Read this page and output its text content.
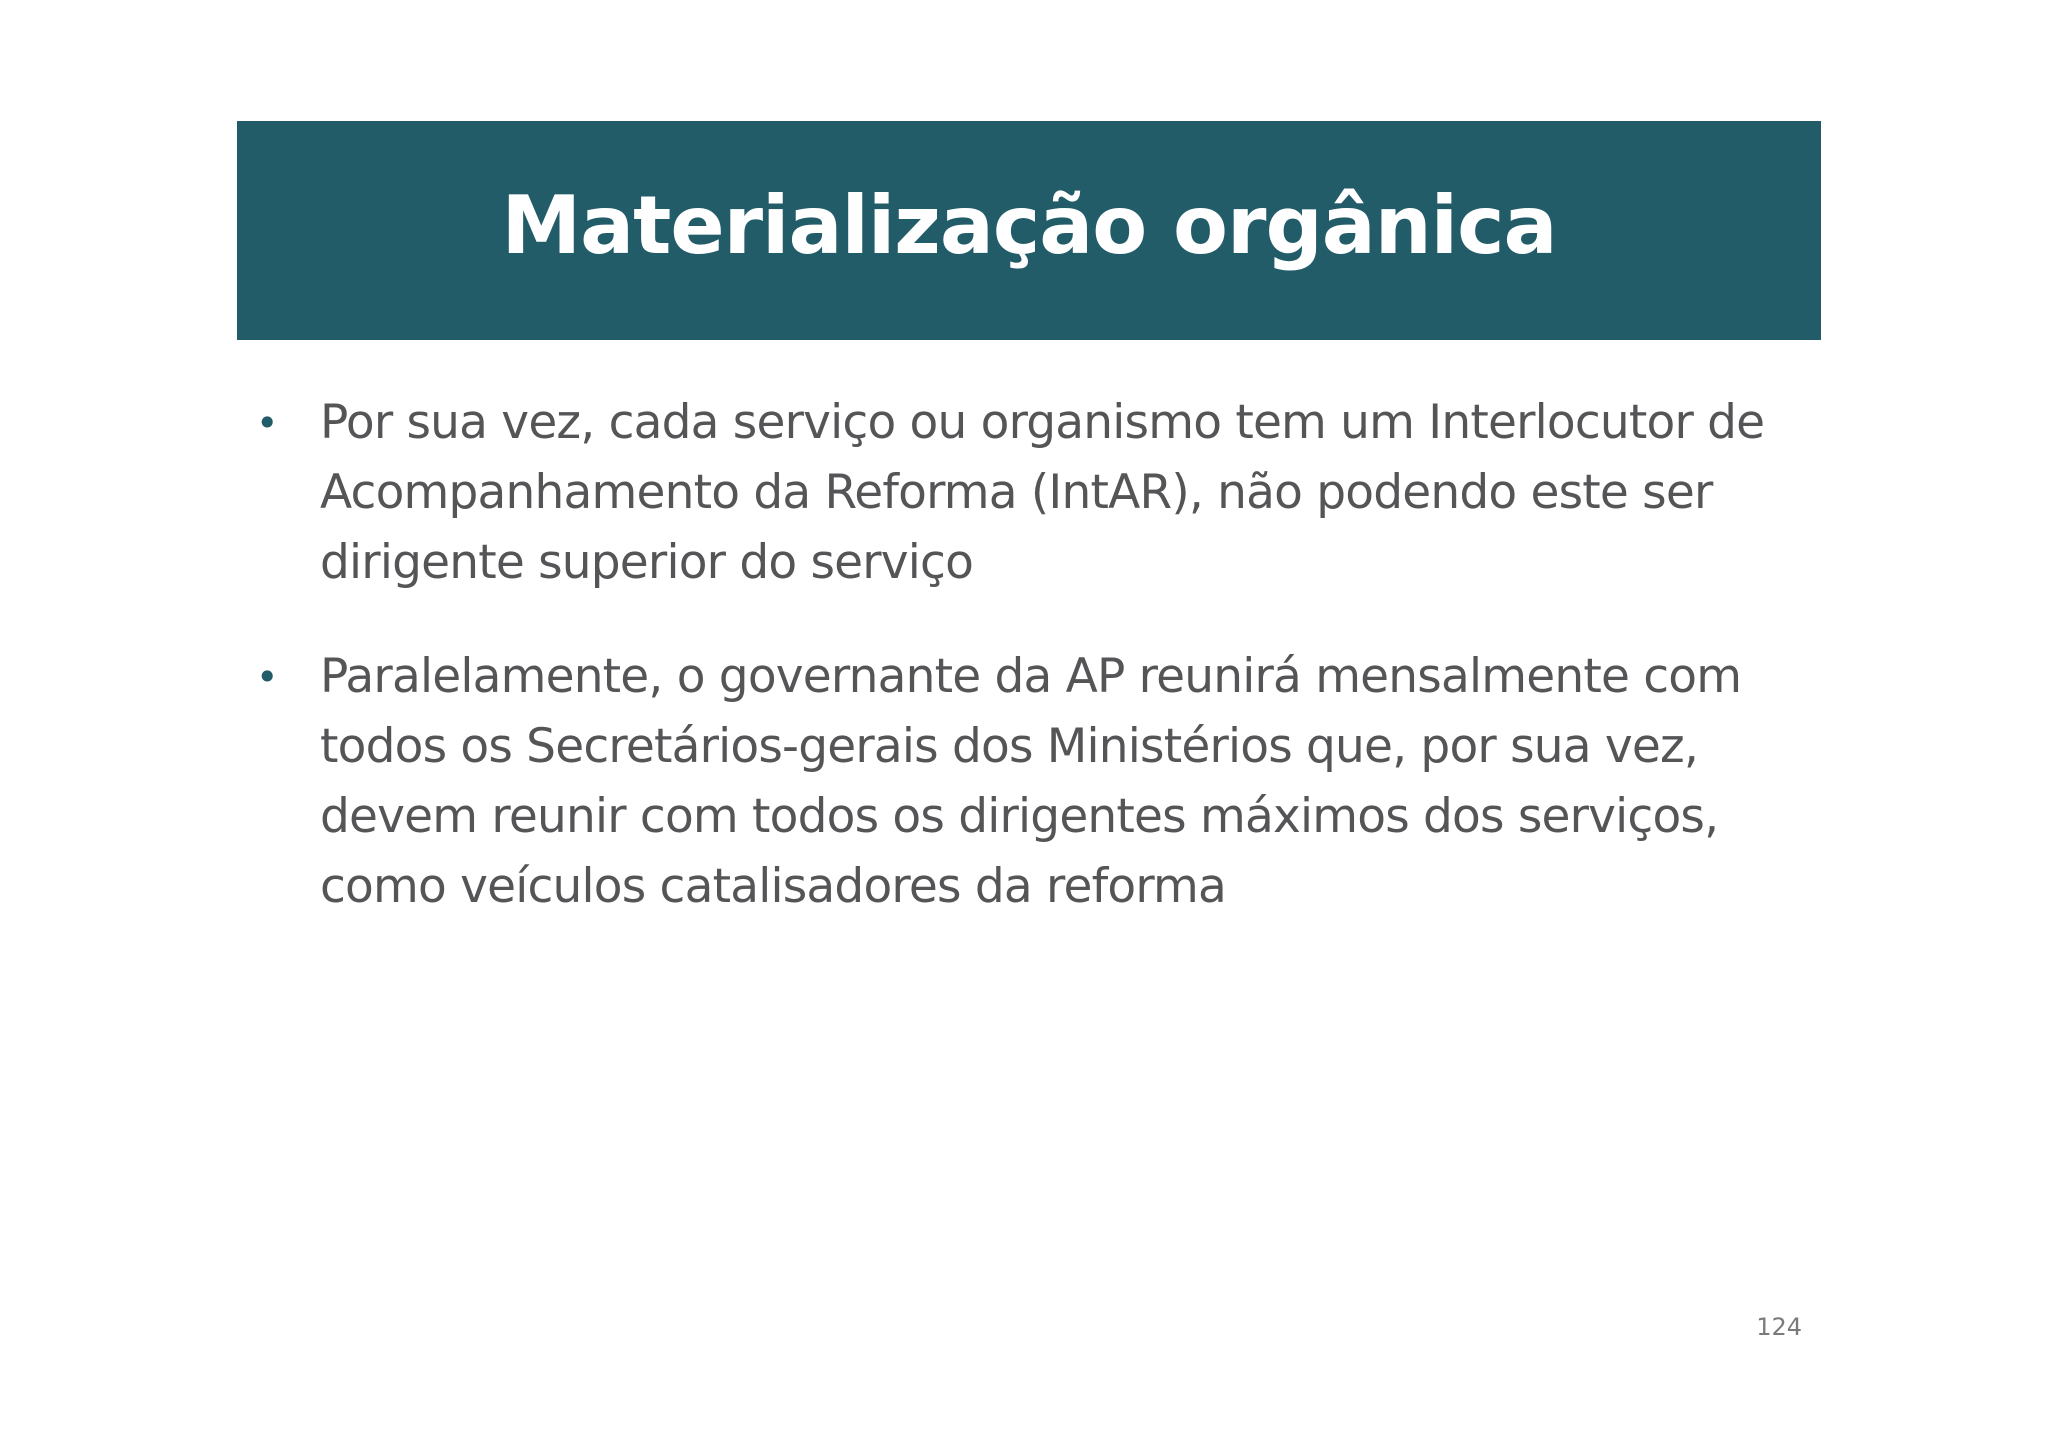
Materialização orgânica
• Por sua vez, cada serviço ou organismo tem um Interlocutor de Acompanhamento da Reforma (IntAR), não podendo este ser dirigente superior do serviço
• Paralelamente, o governante da AP reunirá mensalmente com todos os Secretários-gerais dos Ministérios que, por sua vez, devem reunir com todos os dirigentes máximos dos serviços, como veículos catalisadores da reforma
124
